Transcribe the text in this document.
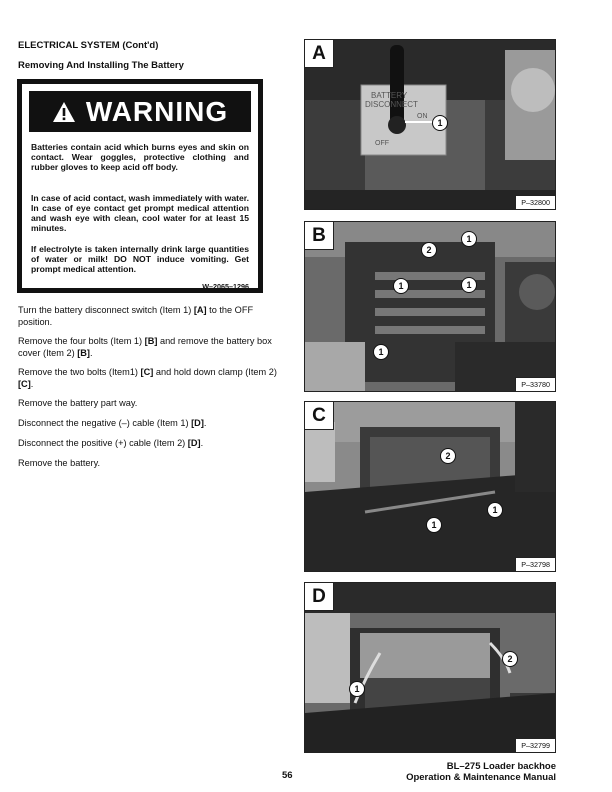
ELECTRICAL SYSTEM (Cont'd)
Removing And Installing The Battery
WARNING
Batteries contain acid which burns eyes and skin on contact. Wear goggles, protective clothing and rubber gloves to keep acid off body.
In case of acid contact, wash immediately with water. In case of eye contact get prompt medical attention and wash eye with clean, cool water for at least 15 minutes.
If electrolyte is taken internally drink large quantities of water or milk! DO NOT induce vomiting. Get prompt medical attention.
W–2065–1296
Turn the battery disconnect switch (Item 1) [A] to the OFF position.
Remove the four bolts (Item 1) [B] and remove the battery box cover (Item 2) [B].
Remove the two bolts (Item1) [C] and hold down clamp (Item 2) [C].
Remove the battery part way.
Disconnect the negative (–) cable (Item 1) [D].
Disconnect the positive (+) cable (Item 2) [D].
Remove the battery.
BATTERY
DISCONNECT
ON
OFF
1
A
P–32800
2
1
1	1
1
B
P–33780
2
1
1
C
P–32798
2
1
D
P–32799
56
BL–275 Loader backhoe
Operation & Maintenance Manual
